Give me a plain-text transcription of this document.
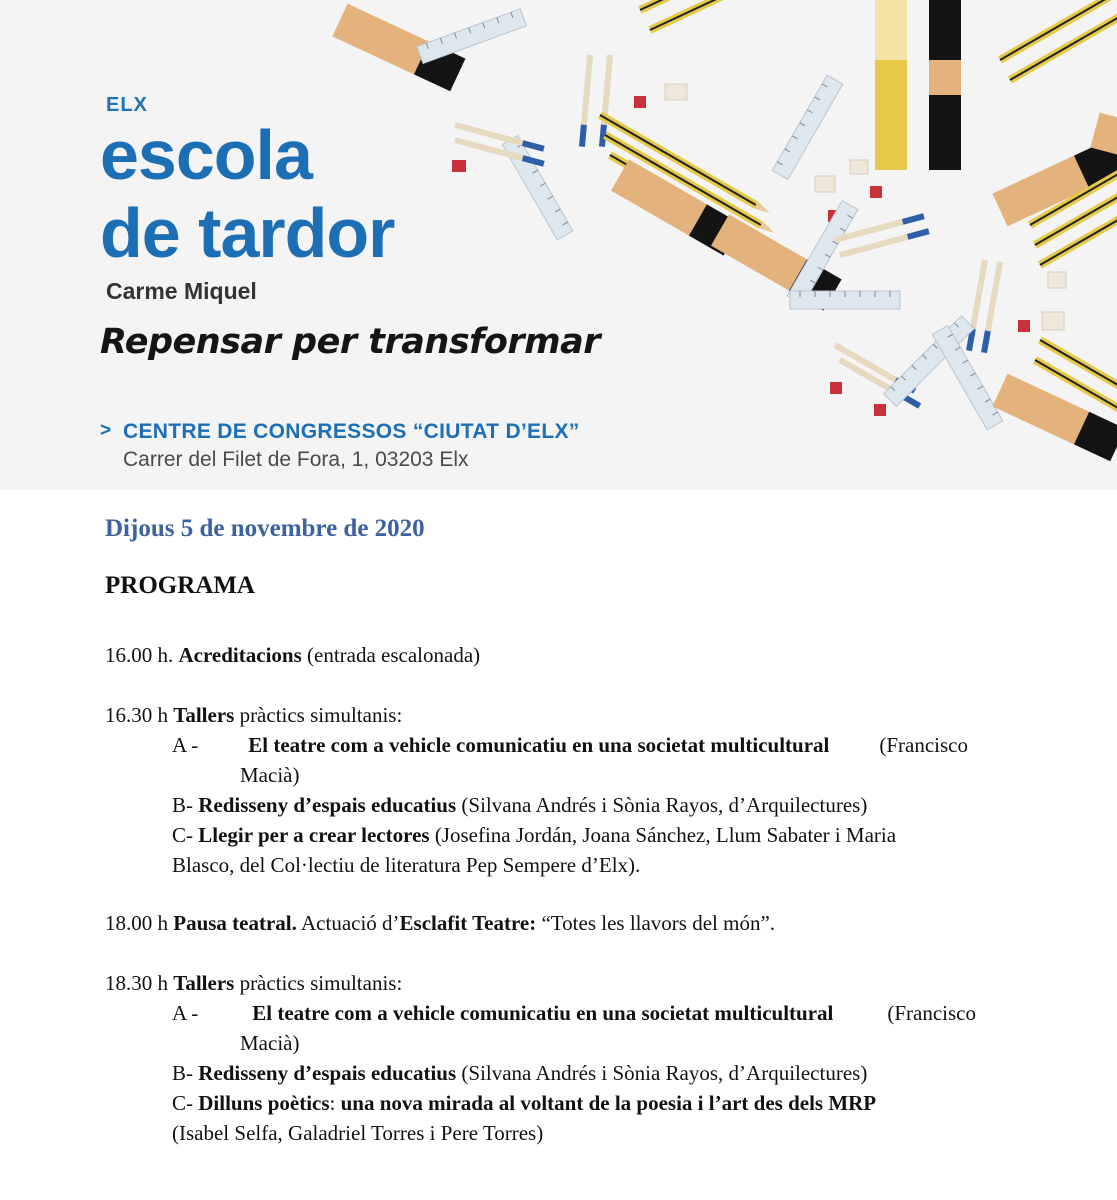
ELX
escola
de tardor
Carme Miquel
Repensar per transformar
> CENTRE DE CONGRESSOS “CIUTAT D’ELX”
Carrer del Filet de Fora, 1, 03203 Elx
Dijous 5 de novembre de 2020
PROGRAMA
16.00 h. Acreditacions (entrada escalonada)
16.30 h Tallers pràctics simultanis:
A - El teatre com a vehicle comunicatiu en una societat multicultural (Francisco
Macià)
B- Redisseny d’espais educatius (Silvana Andrés i Sònia Rayos, d’Arquilectures)
C- Llegir per a crear lectores (Josefina Jordán, Joana Sánchez, Llum Sabater i Maria
Blasco, del Col·lectiu de literatura Pep Sempere d’Elx).
18.00 h Pausa teatral. Actuació d’Esclafit Teatre: “Totes les llavors del món”.
18.30 h Tallers pràctics simultanis:
A -	El teatre com a vehicle comunicatiu en una societat multicultural	(Francisco
Macià)
B- Redisseny d’espais educatius (Silvana Andrés i Sònia Rayos, d’Arquilectures)
C- Dilluns poètics: una nova mirada al voltant de la poesia i l’art des dels MRP
(Isabel Selfa, Galadriel Torres i Pere Torres)
